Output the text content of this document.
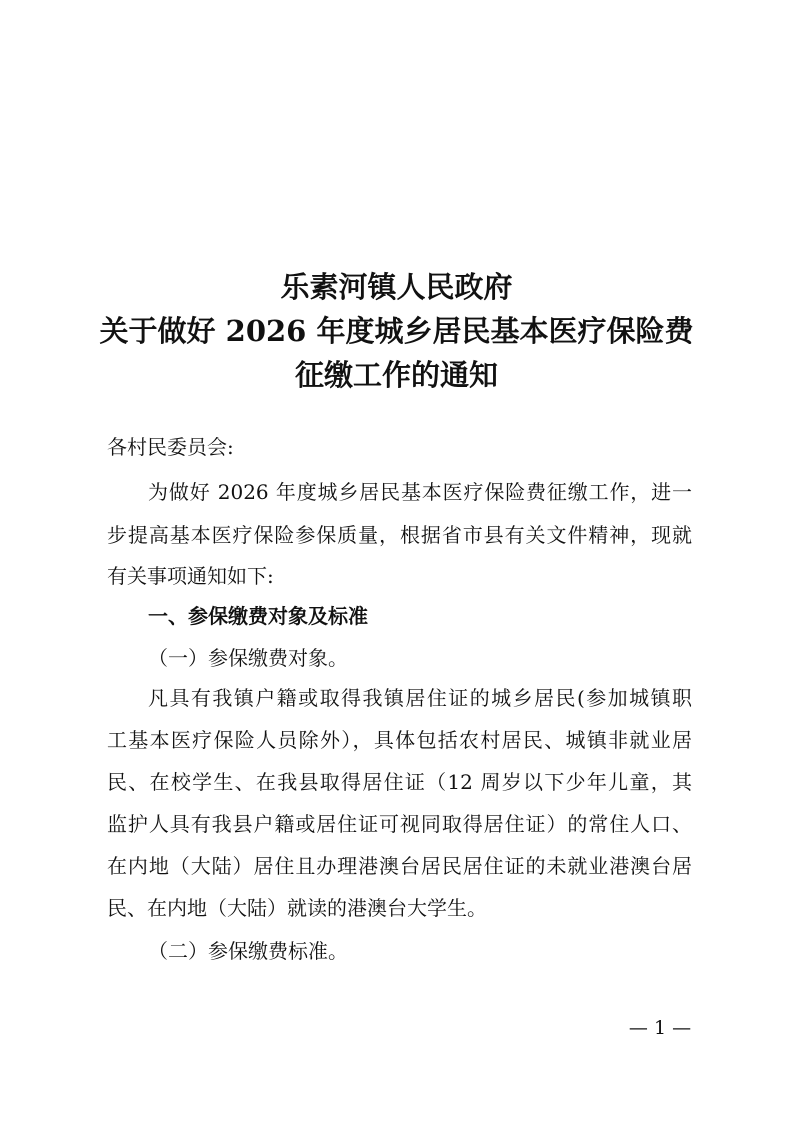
乐素河镇人民政府
关于做好 2026 年度城乡居民基本医疗保险费
征缴工作的通知
各村民委员会:
为做好 2026 年度城乡居民基本医疗保险费征缴工作，进一
步提高基本医疗保险参保质量，根据省市县有关文件精神，现就
有关事项通知如下:
一、参保缴费对象及标准
（一）参保缴费对象。
凡具有我镇户籍或取得我镇居住证的城乡居民(参加城镇职
工基本医疗保险人员除外），具体包括农村居民、城镇非就业居
民、在校学生、在我县取得居住证（12 周岁以下少年儿童，其
监护人具有我县户籍或居住证可视同取得居住证）的常住人口、
在内地（大陆）居住且办理港澳台居民居住证的未就业港澳台居
民、在内地（大陆）就读的港澳台大学生。
（二）参保缴费标准。
— 1 —
